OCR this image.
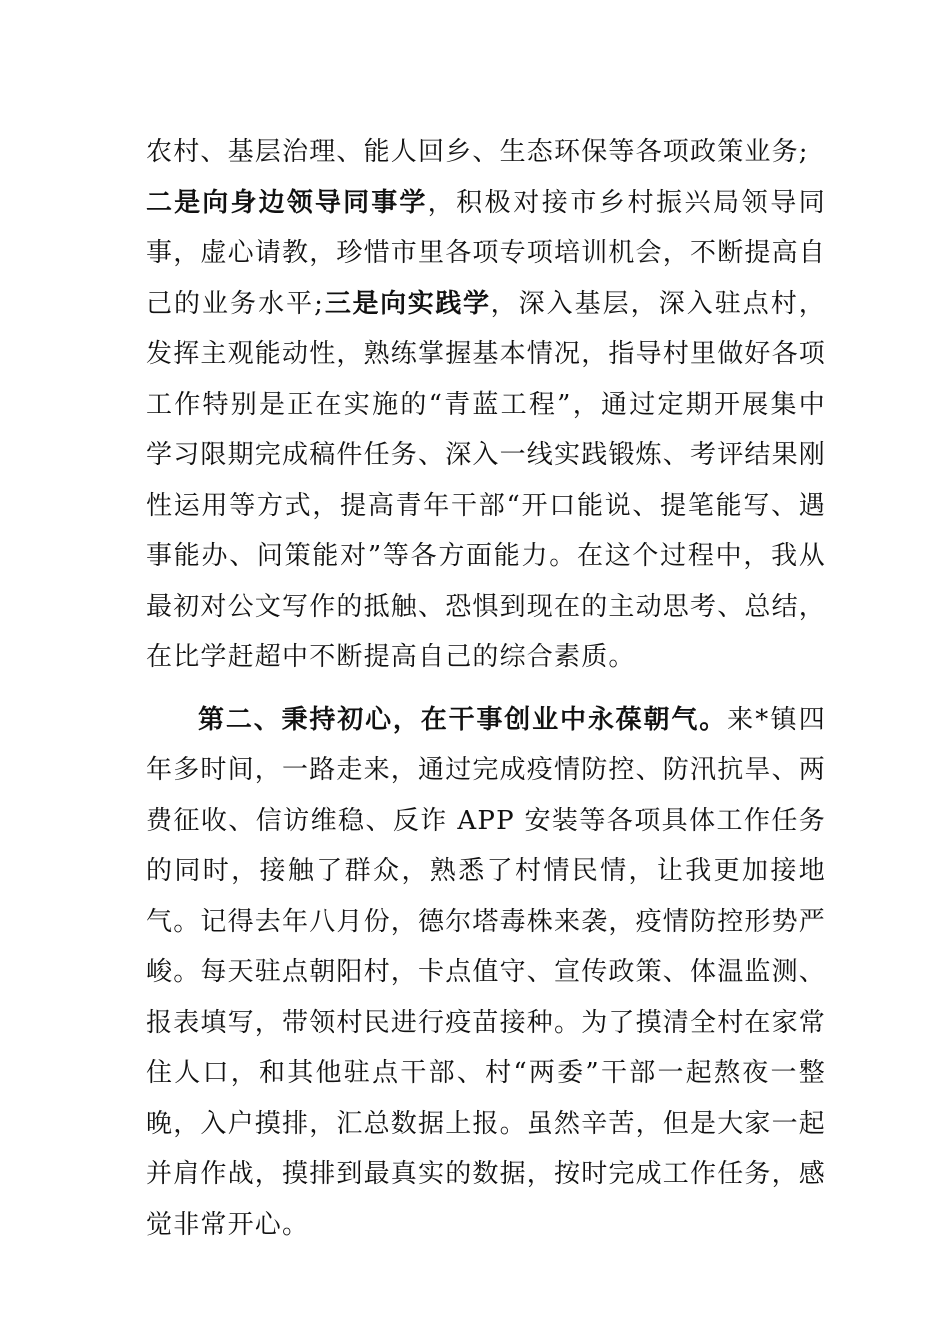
农村、基层治理、能人回乡、生态环保等各项政策业务;
二是向身边领导同事学，积极对接市乡村振兴局领导同事，虚心请教，珍惜市里各项专项培训机会，不断提高自己的业务水平;三是向实践学，深入基层，深入驻点村，发挥主观能动性，熟练掌握基本情况，指导村里做好各项工作特别是正在实施的“青蓝工程”，通过定期开展集中学习限期完成稿件任务、深入一线实践锻炼、考评结果刚性运用等方式，提高青年干部“开口能说、提笔能写、遇事能办、问策能对”等各方面能力。在这个过程中，我从最初对公文写作的抵触、恐惧到现在的主动思考、总结，在比学赶超中不断提高自己的综合素质。

第二、秉持初心，在干事创业中永葆朝气。来*镇四年多时间，一路走来，通过完成疫情防控、防汛抗旱、两费征收、信访维稳、反诈 APP 安装等各项具体工作任务的同时，接触了群众，熟悉了村情民情，让我更加接地气。记得去年八月份，德尔塔毒株来袭，疫情防控形势严峻。每天驻点朝阳村，卡点值守、宣传政策、体温监测、报表填写，带领村民进行疫苗接种。为了摸清全村在家常住人口，和其他驻点干部、村“两委”干部一起熬夜一整晚，入户摸排，汇总数据上报。虽然辛苦，但是大家一起并肩作战，摸排到最真实的数据，按时完成工作任务，感觉非常开心。
